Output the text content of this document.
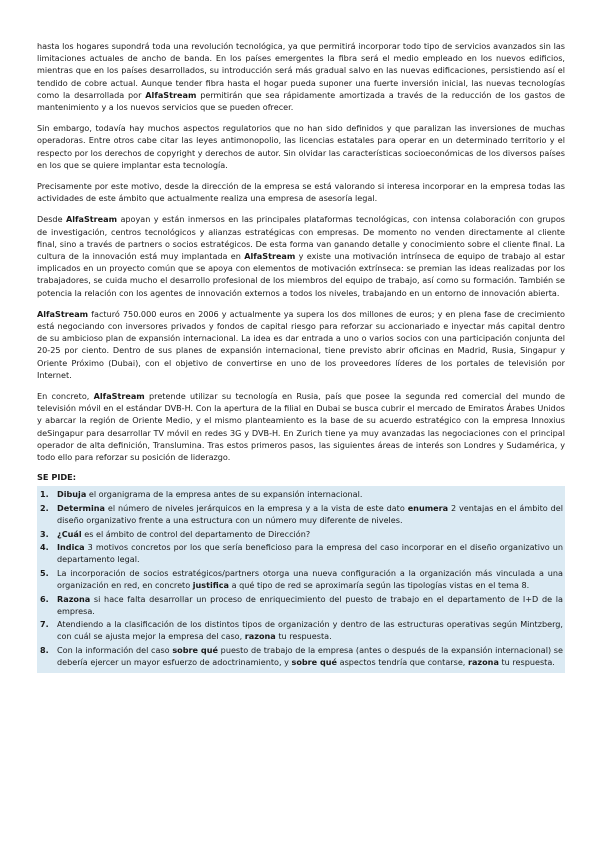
hasta los hogares supondrá toda una revolución tecnológica, ya que permitirá incorporar todo tipo de servicios avanzados sin las limitaciones actuales de ancho de banda. En los países emergentes la fibra será el medio empleado en los nuevos edificios, mientras que en los países desarrollados, su introducción será más gradual salvo en las nuevas edificaciones, persistiendo así el tendido de cobre actual. Aunque tender fibra hasta el hogar pueda suponer una fuerte inversión inicial, las nuevas tecnologías como la desarrollada por AlfaStream permitirán que sea rápidamente amortizada a través de la reducción de los gastos de mantenimiento y a los nuevos servicios que se pueden ofrecer.

Sin embargo, todavía hay muchos aspectos regulatorios que no han sido definidos y que paralizan las inversiones de muchas operadoras. Entre otros cabe citar las leyes antimonopolio, las licencias estatales para operar en un determinado territorio y el respecto por los derechos de copyright y derechos de autor. Sin olvidar las características socioeconómicas de los diversos países en los que se quiere implantar esta tecnología.

Precisamente por este motivo, desde la dirección de la empresa se está valorando si interesa incorporar en la empresa todas las actividades de este ámbito que actualmente realiza una empresa de asesoría legal.

Desde AlfaStream apoyan y están inmersos en las principales plataformas tecnológicas, con intensa colaboración con grupos de investigación, centros tecnológicos y alianzas estratégicas con empresas. De momento no venden directamente al cliente final, sino a través de partners o socios estratégicos. De esta forma van ganando detalle y conocimiento sobre el cliente final. La cultura de la innovación está muy implantada en AlfaStream y existe una motivación intrínseca de equipo de trabajo al estar implicados en un proyecto común que se apoya con elementos de motivación extrínseca: se premian las ideas realizadas por los trabajadores, se cuida mucho el desarrollo profesional de los miembros del equipo de trabajo, así como su formación. También se potencia la relación con los agentes de innovación externos a todos los niveles, trabajando en un entorno de innovación abierta.

AlfaStream facturó 750.000 euros en 2006 y actualmente ya supera los dos millones de euros; y en plena fase de crecimiento está negociando con inversores privados y fondos de capital riesgo para reforzar su accionariado e inyectar más capital dentro de su ambicioso plan de expansión internacional. La idea es dar entrada a uno o varios socios con una participación conjunta del 20-25 por ciento. Dentro de sus planes de expansión internacional, tiene previsto abrir oficinas en Madrid, Rusia, Singapur y Oriente Próximo (Dubai), con el objetivo de convertirse en uno de los proveedores líderes de los portales de televisión por Internet.

En concreto, AlfaStream pretende utilizar su tecnología en Rusia, país que posee la segunda red comercial del mundo de televisión móvil en el estándar DVB-H. Con la apertura de la filial en Dubai se busca cubrir el mercado de Emiratos Árabes Unidos y abarcar la región de Oriente Medio, y el mismo planteamiento es la base de su acuerdo estratégico con la empresa Innoxius deSingapur para desarrollar TV móvil en redes 3G y DVB-H. En Zurich tiene ya muy avanzadas las negociaciones con el principal operador de alta definición, Translumina. Tras estos primeros pasos, las siguientes áreas de interés son Londres y Sudamérica, y todo ello para reforzar su posición de liderazgo.

SE PIDE:
1. Dibuja el organigrama de la empresa antes de su expansión internacional.
2. Determina el número de niveles jerárquicos en la empresa y a la vista de este dato enumera 2 ventajas en el ámbito del diseño organizativo frente a una estructura con un número muy diferente de niveles.
3. ¿Cuál es el ámbito de control del departamento de Dirección?
4. Indica 3 motivos concretos por los que sería beneficioso para la empresa del caso incorporar en el diseño organizativo un departamento legal.
5. La incorporación de socios estratégicos/partners otorga una nueva configuración a la organización más vinculada a una organización en red, en concreto justifica a qué tipo de red se aproximaría según las tipologías vistas en el tema 8.
6. Razona si hace falta desarrollar un proceso de enriquecimiento del puesto de trabajo en el departamento de I+D de la empresa.
7. Atendiendo a la clasificación de los distintos tipos de organización y dentro de las estructuras operativas según Mintzberg, con cuál se ajusta mejor la empresa del caso, razona tu respuesta.
8. Con la información del caso sobre qué puesto de trabajo de la empresa (antes o después de la expansión internacional) se debería ejercer un mayor esfuerzo de adoctrinamiento, y sobre qué aspectos tendría que contarse, razona tu respuesta.
